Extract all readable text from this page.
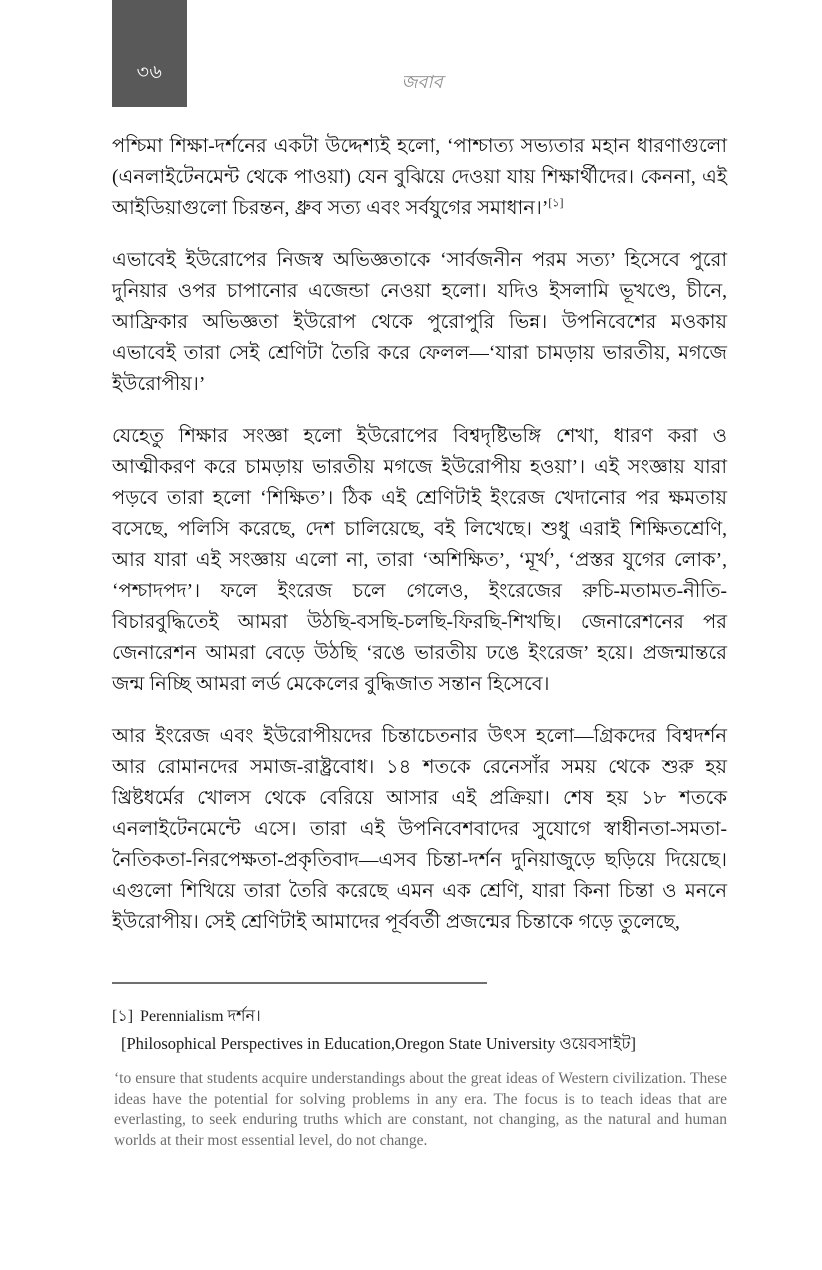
৩৬	জবাব

পশ্চিমা শিক্ষা-দর্শনের একটা উদ্দেশ্যই হলো, ‘পাশ্চাত্য সভ্যতার মহান ধারণাগুলো (এনলাইটেনমেন্ট থেকে পাওয়া) যেন বুঝিয়ে দেওয়া যায় শিক্ষার্থীদের। কেননা, এই আইডিয়াগুলো চিরন্তন, ধ্রুব সত্য এবং সর্বযুগের সমাধান।’[১]

এভাবেই ইউরোপের নিজস্ব অভিজ্ঞতাকে ‘সার্বজনীন পরম সত্য’ হিসেবে পুরো দুনিয়ার ওপর চাপানোর এজেন্ডা নেওয়া হলো। যদিও ইসলামি ভূখণ্ডে, চীনে, আফ্রিকার অভিজ্ঞতা ইউরোপ থেকে পুরোপুরি ভিন্ন। উপনিবেশের মওকায় এভাবেই তারা সেই শ্রেণিটা তৈরি করে ফেলল—‘যারা চামড়ায় ভারতীয়, মগজে ইউরোপীয়।’

যেহেতু শিক্ষার সংজ্ঞা হলো ইউরোপের বিশ্বদৃষ্টিভঙ্গি শেখা, ধারণ করা ও আত্মীকরণ করে চামড়ায় ভারতীয় মগজে ইউরোপীয় হওয়া’। এই সংজ্ঞায় যারা পড়বে তারা হলো ‘শিক্ষিত’। ঠিক এই শ্রেণিটাই ইংরেজ খেদানোর পর ক্ষমতায় বসেছে, পলিসি করেছে, দেশ চালিয়েছে, বই লিখেছে। শুধু এরাই শিক্ষিতশ্রেণি, আর যারা এই সংজ্ঞায় এলো না, তারা ‘অশিক্ষিত’, ‘মূর্খ’, ‘প্রস্তর যুগের লোক’, ‘পশ্চাদপদ’। ফলে ইংরেজ চলে গেলেও, ইংরেজের রুচি-মতামত-নীতি-বিচারবুদ্ধিতেই আমরা উঠছি-বসছি-চলছি-ফিরছি-শিখছি। জেনারেশনের পর জেনারেশন আমরা বেড়ে উঠছি ‘রঙে ভারতীয় ঢঙে ইংরেজ’ হয়ে। প্রজন্মান্তরে জন্ম নিচ্ছি আমরা লর্ড মেকেলের বুদ্ধিজাত সন্তান হিসেবে।

আর ইংরেজ এবং ইউরোপীয়দের চিন্তাচেতনার উৎস হলো—গ্রিকদের বিশ্বদর্শন আর রোমানদের সমাজ-রাষ্ট্রবোধ। ১৪ শতকে রেনেসাঁর সময় থেকে শুরু হয় খ্রিষ্টধর্মের খোলস থেকে বেরিয়ে আসার এই প্রক্রিয়া। শেষ হয় ১৮ শতকে এনলাইটেনমেন্টে এসে। তারা এই উপনিবেশবাদের সুযোগে স্বাধীনতা-সমতা-নৈতিকতা-নিরপেক্ষতা-প্রকৃতিবাদ—এসব চিন্তা-দর্শন দুনিয়াজুড়ে ছড়িয়ে দিয়েছে। এগুলো শিখিয়ে তারা তৈরি করেছে এমন এক শ্রেণি, যারা কিনা চিন্তা ও মননে ইউরোপীয়। সেই শ্রেণিটাই আমাদের পূর্ববর্তী প্রজন্মের চিন্তাকে গড়ে তুলেছে,

[১] Perennialism দর্শন।
[Philosophical Perspectives in Education,Oregon State University ওয়েবসাইট]
‘to ensure that students acquire understandings about the great ideas of Western civilization. These ideas have the potential for solving problems in any era. The focus is to teach ideas that are everlasting, to seek enduring truths which are constant, not changing, as the natural and human worlds at their most essential level, do not change.
